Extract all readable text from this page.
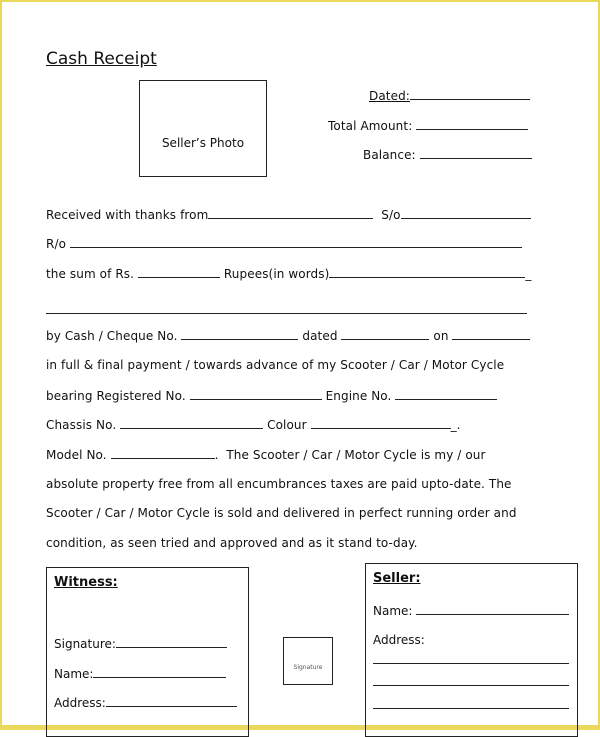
Cash Receipt
Seller’s Photo
Dated:
Total Amount:
Balance:
Received with thanks from	S/o
R/o
the sum of Rs.	Rupees(in words)	_
by Cash / Cheque No.	dated	on
in full & final payment / towards advance of my Scooter / Car / Motor Cycle
bearing Registered No.	Engine No.
Chassis No.	Colour	_.
Model No.	.  The Scooter / Car / Motor Cycle is my / our
absolute property free from all encumbrances taxes are paid upto-date. The
Scooter / Car / Motor Cycle is sold and delivered in perfect running order and
condition, as seen tried and approved and as it stand to-day.
Witness:
Signature:
Name:
Address:
Signature
Seller:
Name:
Address:
